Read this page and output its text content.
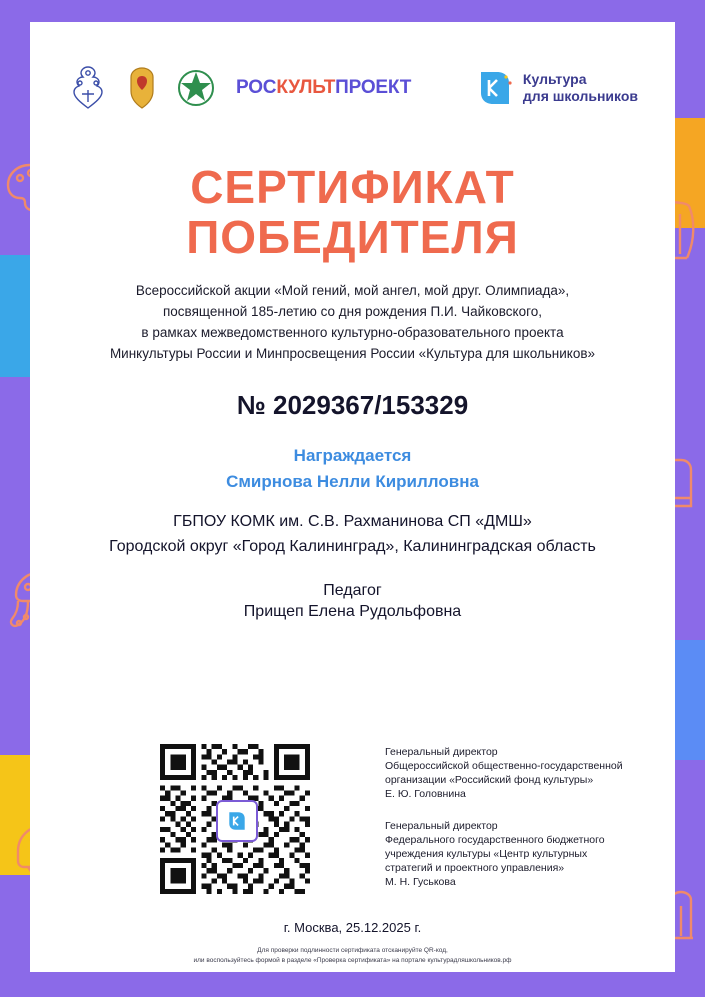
РОСКУЛЬТПРОЕКТ	Культура
для школьников
СЕРТИФИКАТ
ПОБЕДИТЕЛЯ
Всероссийской акции «Мой гений, мой ангел, мой друг. Олимпиада»,
посвященной 185-летию со дня рождения П.И. Чайковского,
в рамках межведомственного культурно-образовательного проекта
Минкультуры России и Минпросвещения России «Культура для школьников»
№ 2029367/153329
Награждается
Смирнова Нелли Кирилловна
ГБПОУ КОМК им. С.В. Рахманинова СП «ДМШ»
Городской округ «Город Калининград», Калининградская область
Педагог
Прищеп Елена Рудольфовна
Генеральный директор
Общероссийской общественно-государственной
организации «Российский фонд культуры»
Е. Ю. Головнина
Генеральный директор
Федерального государственного бюджетного
учреждения культуры «Центр культурных
стратегий и проектного управления»
М. Н. Гуськова
г. Москва, 25.12.2025 г.
Для проверки подлинности сертификата отсканируйте QR-код,
или воспользуйтесь формой в разделе «Проверка сертификата» на портале культурадляшкольников.рф
